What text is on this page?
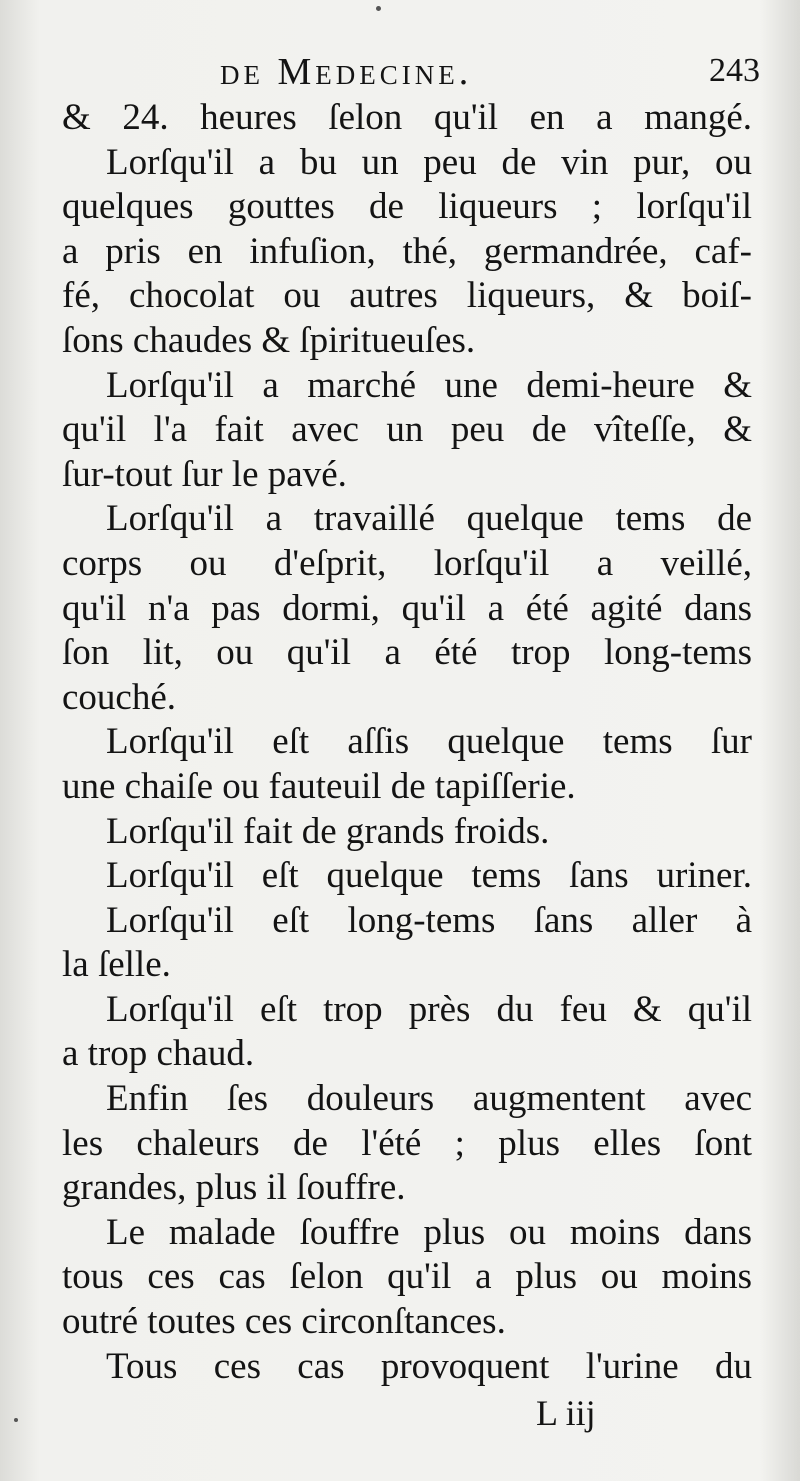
de Medecine.	243
& 24. heures ſelon qu'il en a mangé.
Lorſqu'il a bu un peu de vin pur, ou
quelques gouttes de liqueurs ; lorſqu'il
a pris en infuſion, thé, germandrée, caf-
fé, chocolat ou autres liqueurs, & boiſ-
ſons chaudes & ſpiritueuſes.
Lorſqu'il a marché une demi-heure &
qu'il l'a fait avec un peu de vîteſſe, &
ſur-tout ſur le pavé.
Lorſqu'il a travaillé quelque tems de
corps ou d'eſprit, lorſqu'il a veillé,
qu'il n'a pas dormi, qu'il a été agité dans
ſon lit, ou qu'il a été trop long-tems
couché.
Lorſqu'il eſt aſſis quelque tems ſur
une chaiſe ou fauteuil de tapiſſerie.
Lorſqu'il fait de grands froids.
Lorſqu'il eſt quelque tems ſans uriner.
Lorſqu'il eſt long-tems ſans aller à
la ſelle.
Lorſqu'il eſt trop près du feu & qu'il
a trop chaud.
Enfin ſes douleurs augmentent avec
les chaleurs de l'été ; plus elles ſont
grandes, plus il ſouffre.
Le malade ſouffre plus ou moins dans
tous ces cas ſelon qu'il a plus ou moins
outré toutes ces circonſtances.
Tous ces cas provoquent l'urine du
L iij
